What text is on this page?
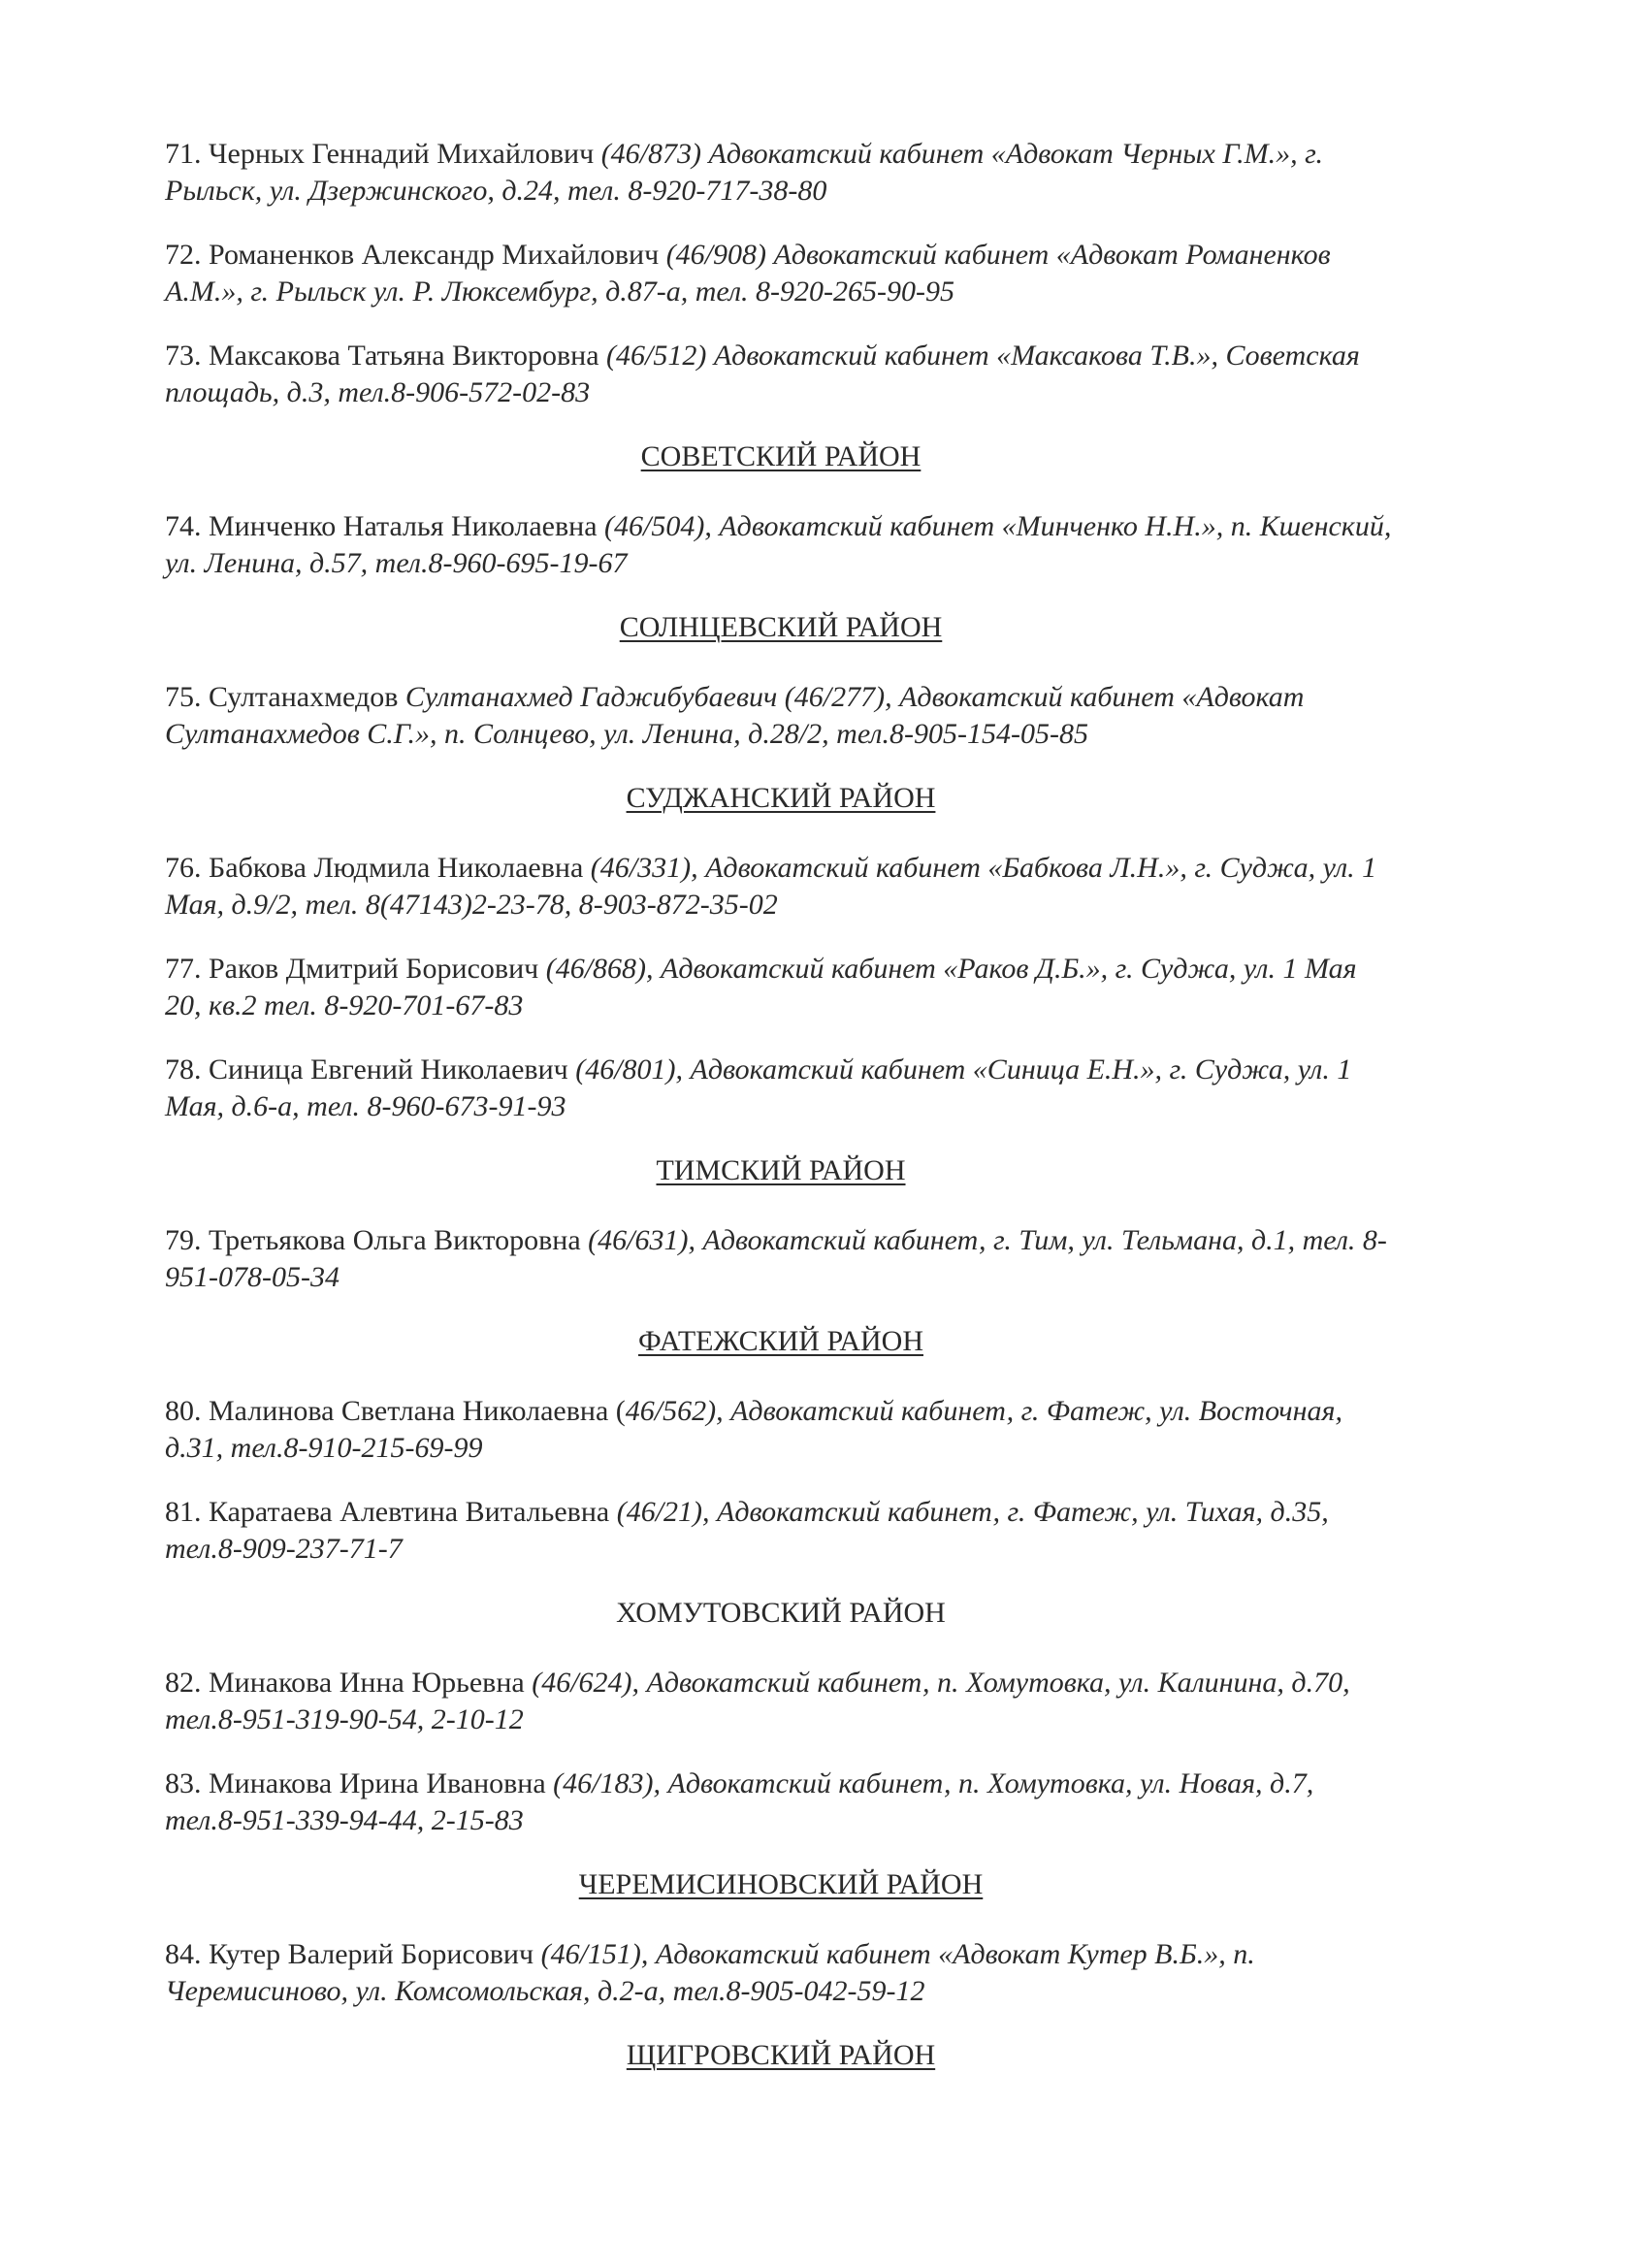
71. Черных Геннадий Михайлович (46/873) Адвокатский кабинет «Адвокат Черных Г.М.», г. Рыльск, ул. Дзержинского, д.24, тел. 8-920-717-38-80
72. Романенков Александр Михайлович (46/908) Адвокатский кабинет «Адвокат Романенков А.М.», г. Рыльск ул. Р. Люксембург, д.87-а, тел. 8-920-265-90-95
73. Максакова Татьяна Викторовна (46/512) Адвокатский кабинет «Максакова Т.В.», Советская площадь, д.3, тел.8-906-572-02-83
СОВЕТСКИЙ РАЙОН
74. Минченко Наталья Николаевна (46/504), Адвокатский кабинет «Минченко Н.Н.», п. Кшенский, ул. Ленина, д.57, тел.8-960-695-19-67
СОЛНЦЕВСКИЙ РАЙОН
75. Султанахмедов Султанахмед Гаджибубаевич (46/277), Адвокатский кабинет «Адвокат Султанахмедов С.Г.», п. Солнцево, ул. Ленина, д.28/2, тел.8-905-154-05-85
СУДЖАНСКИЙ РАЙОН
76. Бабкова Людмила Николаевна (46/331), Адвокатский кабинет «Бабкова Л.Н.», г. Суджа, ул. 1 Мая, д.9/2, тел. 8(47143)2-23-78, 8-903-872-35-02
77. Раков Дмитрий Борисович (46/868), Адвокатский кабинет «Раков Д.Б.», г. Суджа, ул. 1 Мая 20, кв.2 тел. 8-920-701-67-83
78. Синица Евгений Николаевич (46/801), Адвокатский кабинет «Синица Е.Н.», г. Суджа, ул. 1 Мая, д.6-а, тел. 8-960-673-91-93
ТИМСКИЙ РАЙОН
79. Третьякова Ольга Викторовна (46/631), Адвокатский кабинет, г. Тим, ул. Тельмана, д.1, тел. 8-951-078-05-34
ФАТЕЖСКИЙ РАЙОН
80. Малинова Светлана Николаевна (46/562), Адвокатский кабинет, г. Фатеж, ул. Восточная, д.31, тел.8-910-215-69-99
81. Каратаева Алевтина Витальевна (46/21), Адвокатский кабинет, г. Фатеж, ул. Тихая, д.35, тел.8-909-237-71-7
ХОМУТОВСКИЙ РАЙОН
82. Минакова Инна Юрьевна (46/624), Адвокатский кабинет, п. Хомутовка, ул. Калинина, д.70, тел.8-951-319-90-54, 2-10-12
83. Минакова Ирина Ивановна (46/183), Адвокатский кабинет, п. Хомутовка, ул. Новая, д.7, тел.8-951-339-94-44, 2-15-83
ЧЕРЕМИСИНОВСКИЙ РАЙОН
84. Кутер Валерий Борисович (46/151), Адвокатский кабинет «Адвокат Кутер В.Б.», п. Черемисиново, ул. Комсомольская, д.2-а, тел.8-905-042-59-12
ЩИГРОВСКИЙ РАЙОН
